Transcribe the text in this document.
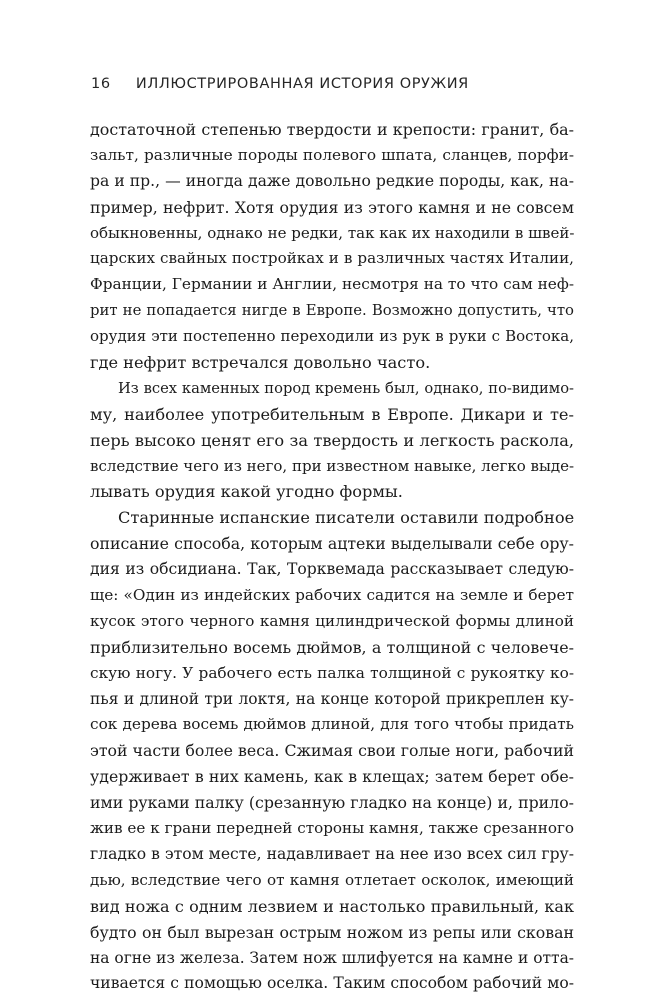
16 ИЛЛЮСТРИРОВАННАЯ ИСТОРИЯ ОРУЖИЯ
достаточной степенью твердости и крепости: гранит, ба-
зальт, различные породы полевого шпата, сланцев, порфи-
ра и пр., — иногда даже довольно редкие породы, как, на-
пример, нефрит. Хотя орудия из этого камня и не совсем
обыкновенны, однако не редки, так как их находили в швей-
царских свайных постройках и в различных частях Италии,
Франции, Германии и Англии, несмотря на то что сам неф-
рит не попадается нигде в Европе. Возможно допустить, что
орудия эти постепенно переходили из рук в руки с Востока,
где нефрит встречался довольно часто.
Из всех каменных пород кремень был, однако, по-видимо-
му, наиболее употребительным в Европе. Дикари и те-
перь высоко ценят его за твердость и легкость раскола,
вследствие чего из него, при известном навыке, легко выде-
лывать орудия какой угодно формы.
Старинные испанские писатели оставили подробное
описание способа, которым ацтеки выделывали себе ору-
дия из обсидиана. Так, Торквемада рассказывает следую-
ще: «Один из индейских рабочих садится на земле и берет
кусок этого черного камня цилиндрической формы длиной
приблизительно восемь дюймов, а толщиной с человече-
скую ногу. У рабочего есть палка толщиной с рукоятку ко-
пья и длиной три локтя, на конце которой прикреплен ку-
сок дерева восемь дюймов длиной, для того чтобы придать
этой части более веса. Сжимая свои голые ноги, рабочий
удерживает в них камень, как в клещах; затем берет обе-
ими руками палку (срезанную гладко на конце) и, прило-
жив ее к грани передней стороны камня, также срезанного
гладко в этом месте, надавливает на нее изо всех сил гру-
дью, вследствие чего от камня отлетает осколок, имеющий
вид ножа с одним лезвием и настолько правильный, как
будто он был вырезан острым ножом из репы или скован
на огне из железа. Затем нож шлифуется на камне и отта-
чивается с помощью оселка. Таким способом рабочий мо-
